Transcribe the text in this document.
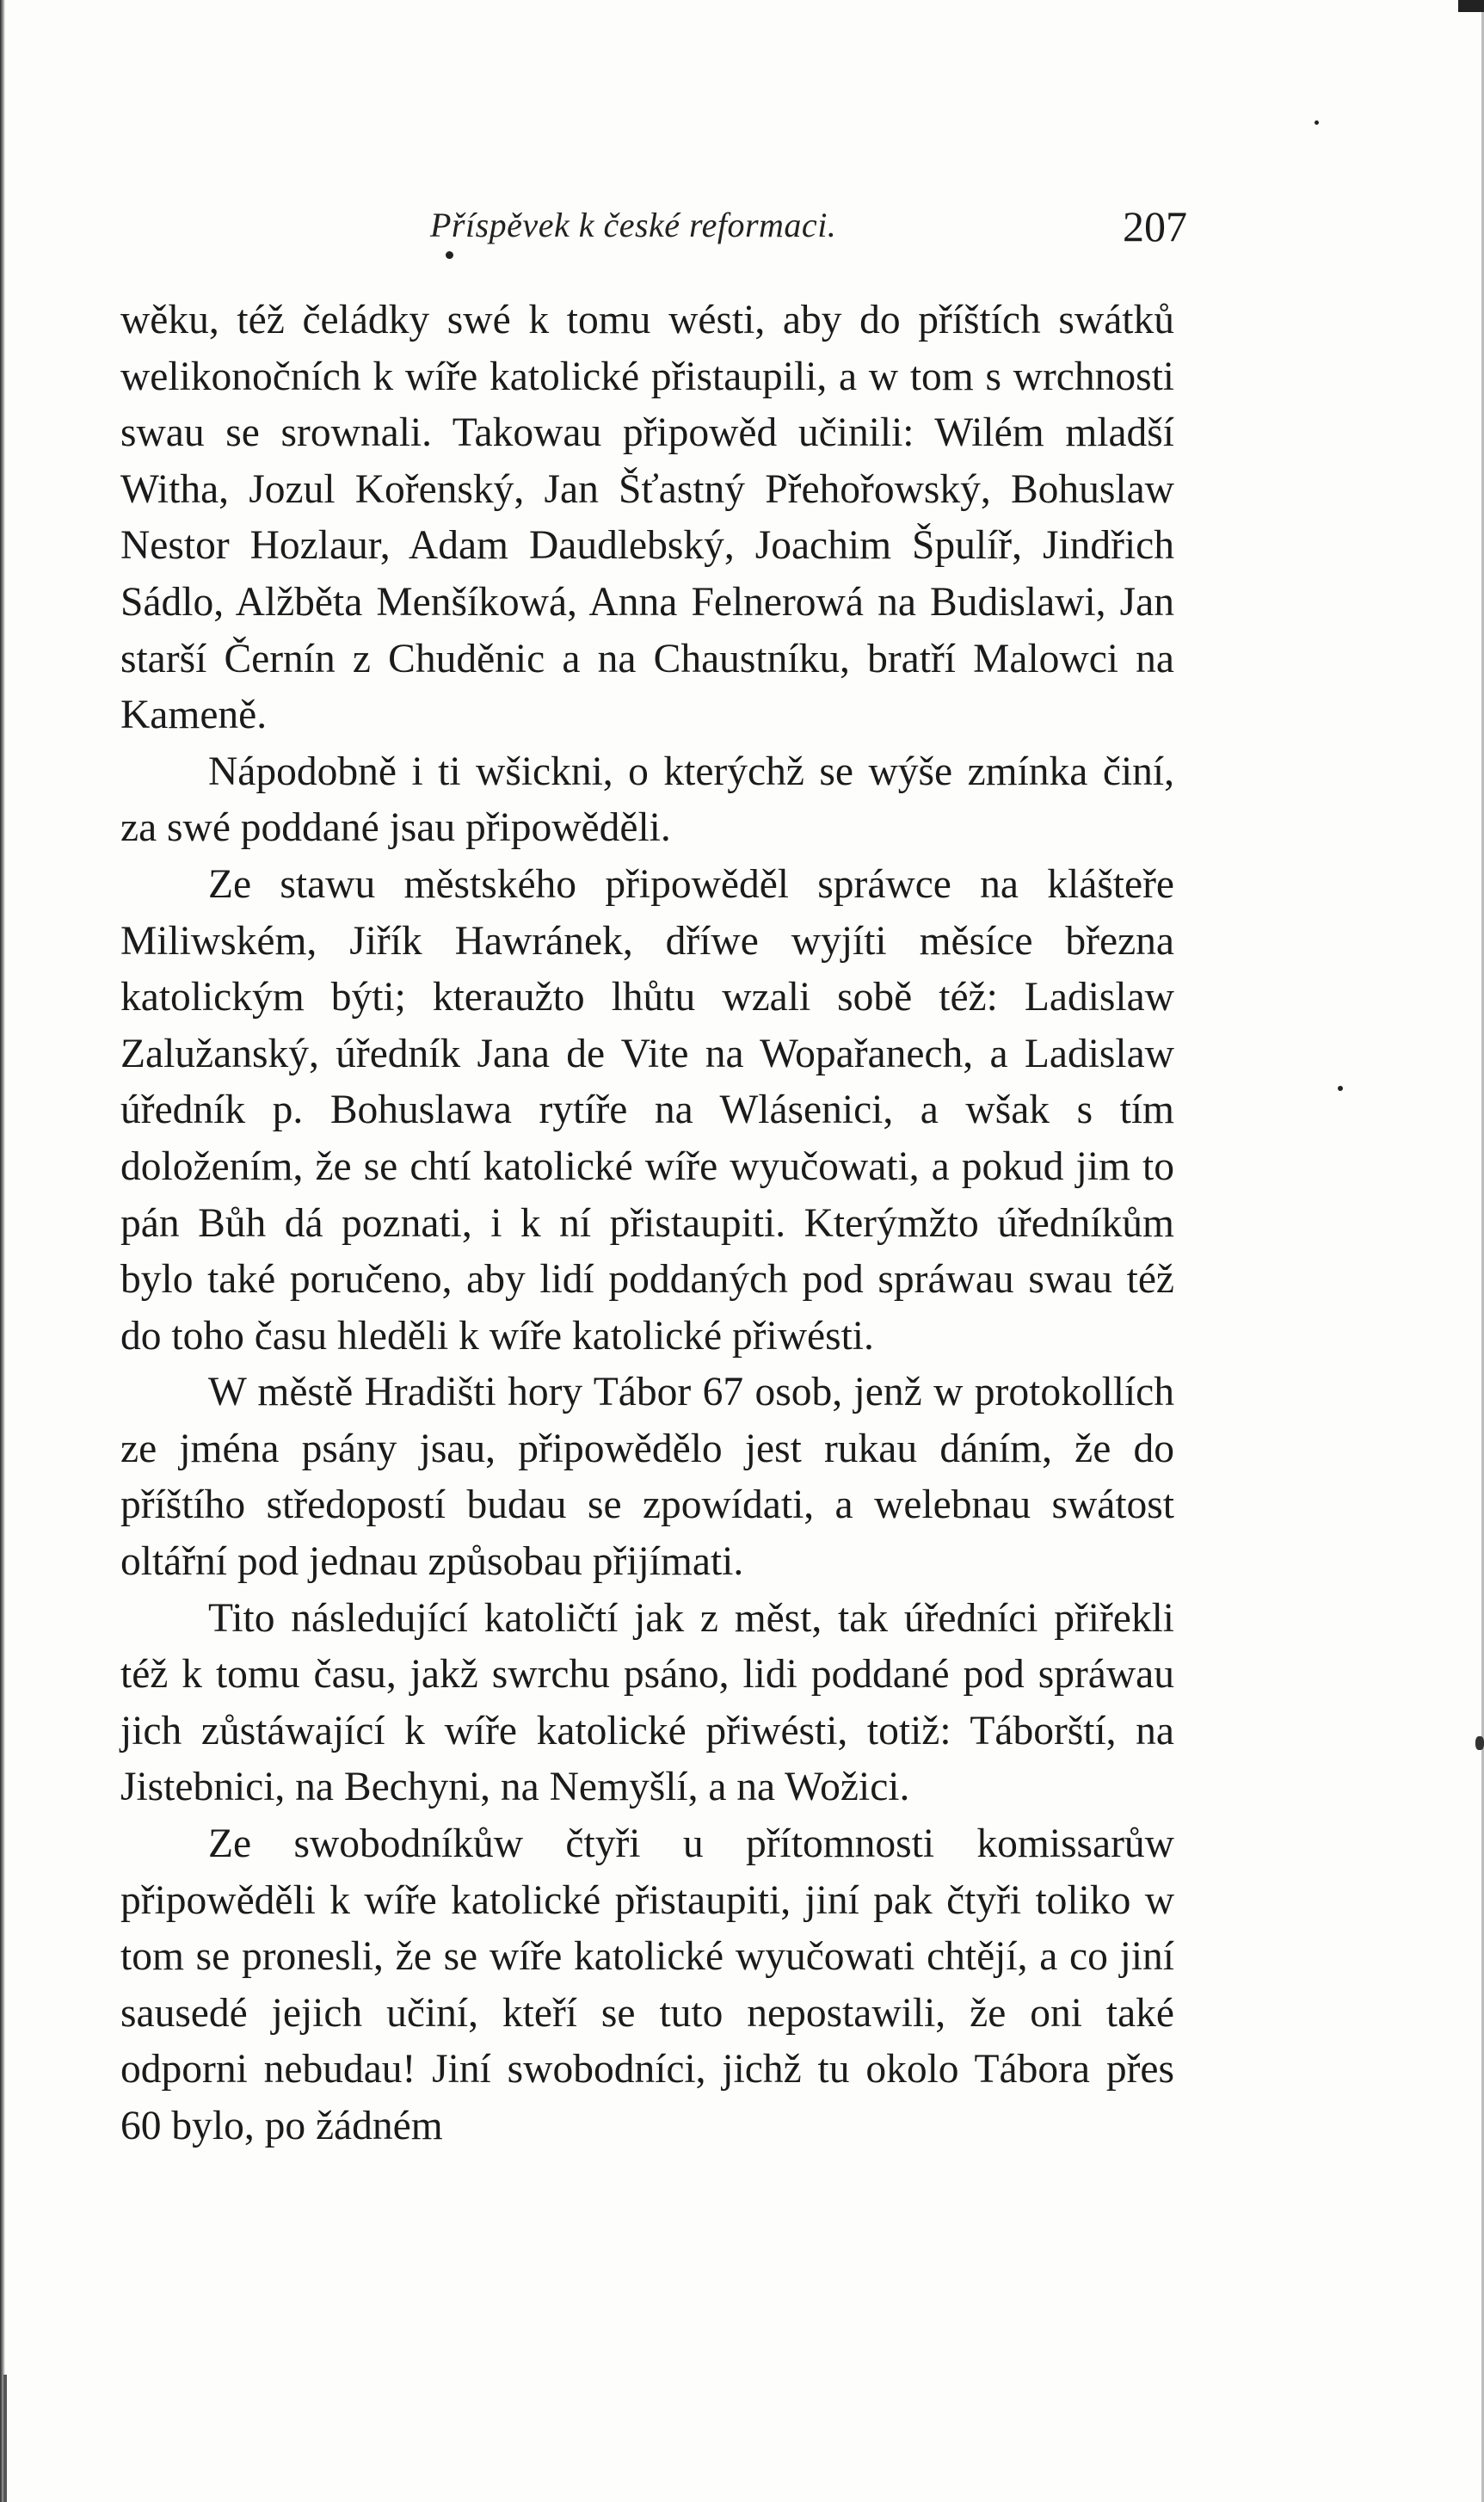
Příspěvek k české reformaci.	207

wěku, též čeládky swé k tomu wésti, aby do příštích swátků welikonočních k wíře katolické přistaupili, a w tom s wrchnosti swau se srownali. Takowau připowěd učinili: Wilém mladší Witha, Jozul Kořenský, Jan Šťastný Přehořowský, Bohuslaw Nestor Hozlaur, Adam Daudlebský, Joachim Špulíř, Jindřich Sádlo, Alžběta Menšíkowá, Anna Felnerowá na Budislawi, Jan starší Černín z Chuděnic a na Chaustníku, bratří Malowci na Kameně.

Nápodobně i ti wšickni, o kterýchž se wýše zmínka činí, za swé poddané jsau připowěděli.

Ze stawu městského připowěděl spráwce na klášteře Miliwském, Jiřík Hawránek, dříwe wyjíti měsíce března katolickým býti; kteraužto lhůtu wzali sobě též: Ladislaw Zalužanský, úředník Jana de Vite na Wopařanech, a Ladislaw úředník p. Bohuslawa rytíře na Wlásenici, a wšak s tím doložením, že se chtí katolické wíře wyučowati, a pokud jim to pán Bůh dá poznati, i k ní přistaupiti. Kterýmžto úředníkům bylo také poručeno, aby lidí poddaných pod spráwau swau též do toho času hleděli k wíře katolické přiwésti.

W městě Hradišti hory Tábor 67 osob, jenž w protokollích ze jména psány jsau, připowědělo jest rukau dáním, že do příštího středopostí budau se zpowídati, a welebnau swátost oltářní pod jednau způsobau přijímati.

Tito následující katoličtí jak z měst, tak úředníci přiřekli též k tomu času, jakž swrchu psáno, lidi poddané pod spráwau jich zůstáwající k wíře katolické přiwésti, totiž: Táborští, na Jistebnici, na Bechyni, na Nemyšlí, a na Wožici.

Ze swobodníkůw čtyři u přítomnosti komissarůw připowěděli k wíře katolické přistaupiti, jiní pak čtyři toliko w tom se pronesli, že se wíře katolické wyučowati chtějí, a co jiní sausedé jejich učiní, kteří se tuto nepostawili, že oni také odporni nebudau! Jiní swobodníci, jichž tu okolo Tábora přes 60 bylo, po žádném
